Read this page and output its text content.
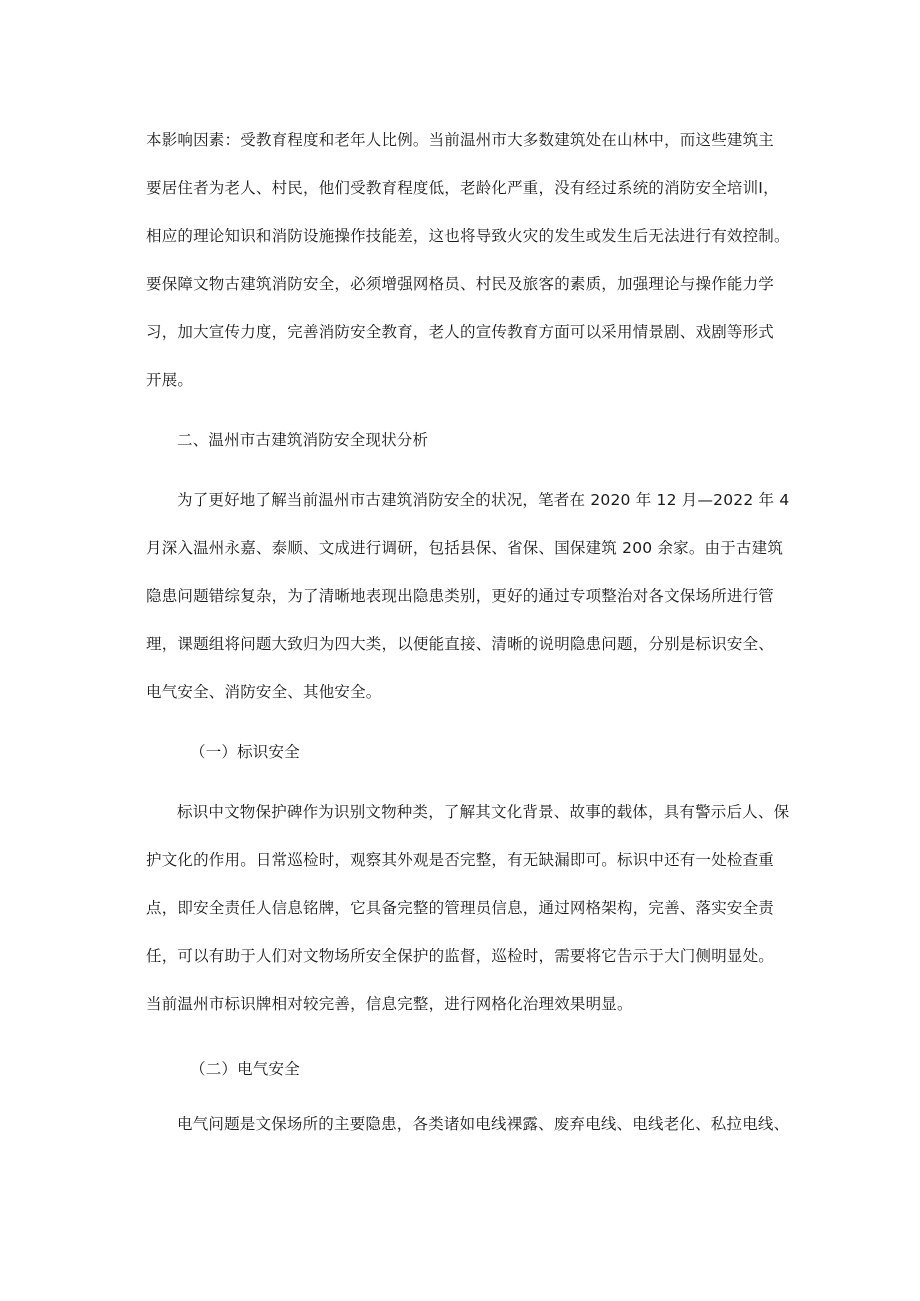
本影响因素：受教育程度和老年人比例。当前温州市大多数建筑处在山林中，而这些建筑主
要居住者为老人、村民，他们受教育程度低，老龄化严重，没有经过系统的消防安全培训I，
相应的理论知识和消防设施操作技能差，这也将导致火灾的发生或发生后无法进行有效控制。
要保障文物古建筑消防安全，必须增强网格员、村民及旅客的素质，加强理论与操作能力学
习，加大宣传力度，完善消防安全教育，老人的宣传教育方面可以采用情景剧、戏剧等形式
开展。
二、温州市古建筑消防安全现状分析
为了更好地了解当前温州市古建筑消防安全的状况，笔者在 2020 年 12 月—2022 年 4
月深入温州永嘉、泰顺、文成进行调研，包括县保、省保、国保建筑 200 余家。由于古建筑
隐患问题错综复杂，为了清晰地表现出隐患类别，更好的通过专项整治对各文保场所进行管
理，课题组将问题大致归为四大类，以便能直接、清晰的说明隐患问题，分别是标识安全、
电气安全、消防安全、其他安全。
（一）标识安全
标识中文物保护碑作为识别文物种类，了解其文化背景、故事的载体，具有警示后人、保
护文化的作用。日常巡检时，观察其外观是否完整，有无缺漏即可。标识中还有一处检查重
点，即安全责任人信息铭牌，它具备完整的管理员信息，通过网格架构，完善、落实安全责
任，可以有助于人们对文物场所安全保护的监督，巡检时，需要将它告示于大门侧明显处。
当前温州市标识牌相对较完善，信息完整，进行网格化治理效果明显。
（二）电气安全
电气问题是文保场所的主要隐患，各类诸如电线裸露、废弃电线、电线老化、私拉电线、
